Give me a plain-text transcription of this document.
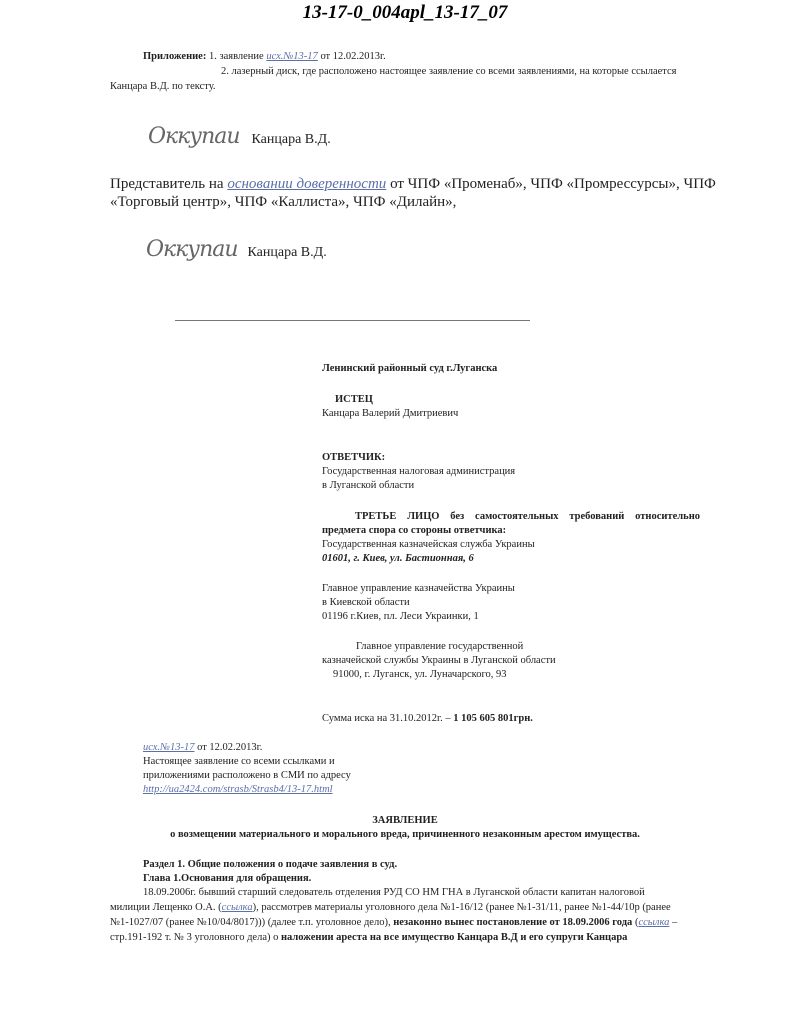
13-17-0_004apl_13-17_07
Приложение: 1. заявление исх.№13-17 от 12.02.2013г.
2. лазерный диск, где расположено настоящее заявление со всеми заявлениями, на которые ссылается
Канцара В.Д. по тексту.
Оккупаи Канцара В.Д.
Представитель на основании доверенности от ЧПФ «Променаб», ЧПФ «Промрессурсы», ЧПФ
«Торговый центр», ЧПФ «Каллиста», ЧПФ «Дилайн»,
Оккупаи Канцара В.Д.
Ленинский районный суд г.Луганска
ИСТЕЦ
Канцара Валерий Дмитриевич
ОТВЕТЧИК:
Государственная налоговая администрация
в Луганской области
ТРЕТЬЕ ЛИЦО без самостоятельных требований относительно
предмета спора со стороны ответчика:
Государственная казначейская служба Украины
01601, г. Киев, ул. Бастионная, 6
Главное управление казначейства Украины
в Киевской области
01196 г.Киев, пл. Леси Украинки, 1
Главное управление государственной
казначейской службы Украины в Луганской области
91000, г. Луганск, ул. Луначарского, 93
Сумма иска на 31.10.2012г. – 1 105 605 801грн.
исх.№13-17 от 12.02.2013г.
Настоящее заявление со всеми ссылками и
приложениями расположено в СМИ по адресу
http://ua2424.com/strasb/Strasb4/13-17.html
ЗАЯВЛЕНИЕ
о возмещении материального и морального вреда, причиненного незаконным арестом имущества.
Раздел 1. Общие положения о подаче заявления в суд.
Глава 1.Основания для обращения.
18.09.2006г. бывший старший следователь отделения РУД СО НМ ГНА в Луганской области капитан налоговой
милиции Лещенко О.А. (ссылка), рассмотрев материалы уголовного дела №1-16/12 (ранее №1-31/11, ранее №1-44/10р (ранее
№1-1027/07 (ранее №10/04/8017))) (далее т.п. уголовное дело), незаконно вынес постановление от 18.09.2006 года (ссылка –
стр.191-192 т. № 3 уголовного дела) о наложении ареста на все имущество Канцара В.Д и его супруги Канцара
